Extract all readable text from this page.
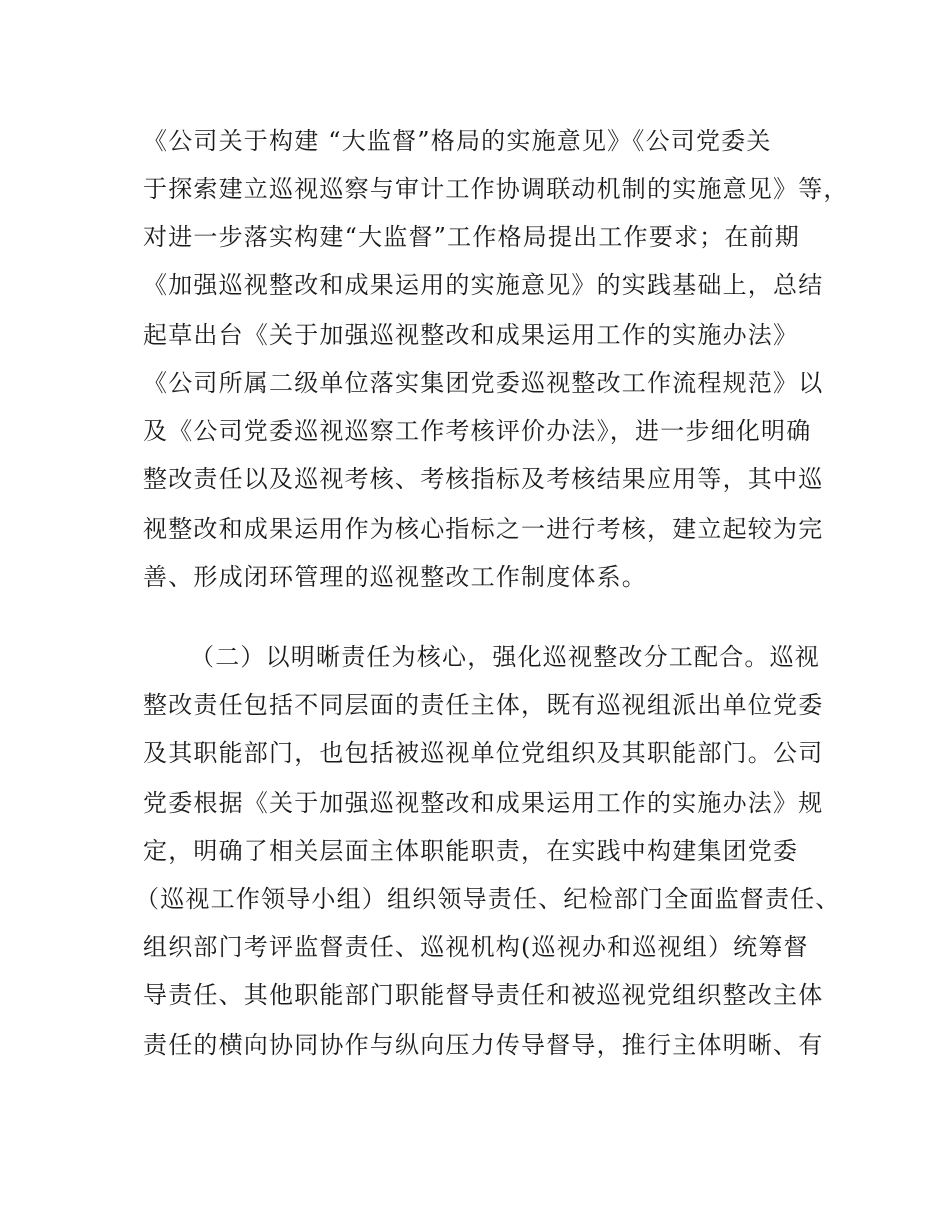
《公司关于构建 “大监督”格局的实施意见》《公司党委关
于探索建立巡视巡察与审计工作协调联动机制的实施意见》等，
对进一步落实构建“大监督”工作格局提出工作要求；在前期
《加强巡视整改和成果运用的实施意见》的实践基础上，总结
起草出台《关于加强巡视整改和成果运用工作的实施办法》
《公司所属二级单位落实集团党委巡视整改工作流程规范》以
及《公司党委巡视巡察工作考核评价办法》，进一步细化明确
整改责任以及巡视考核、考核指标及考核结果应用等，其中巡
视整改和成果运用作为核心指标之一进行考核，建立起较为完
善、形成闭环管理的巡视整改工作制度体系。
（二）以明晰责任为核心，强化巡视整改分工配合。巡视
整改责任包括不同层面的责任主体，既有巡视组派出单位党委
及其职能部门，也包括被巡视单位党组织及其职能部门。公司
党委根据《关于加强巡视整改和成果运用工作的实施办法》规
定，明确了相关层面主体职能职责，在实践中构建集团党委
（巡视工作领导小组）组织领导责任、纪检部门全面监督责任、
组织部门考评监督责任、巡视机构(巡视办和巡视组）统筹督
导责任、其他职能部门职能督导责任和被巡视党组织整改主体
责任的横向协同协作与纵向压力传导督导，推行主体明晰、有
